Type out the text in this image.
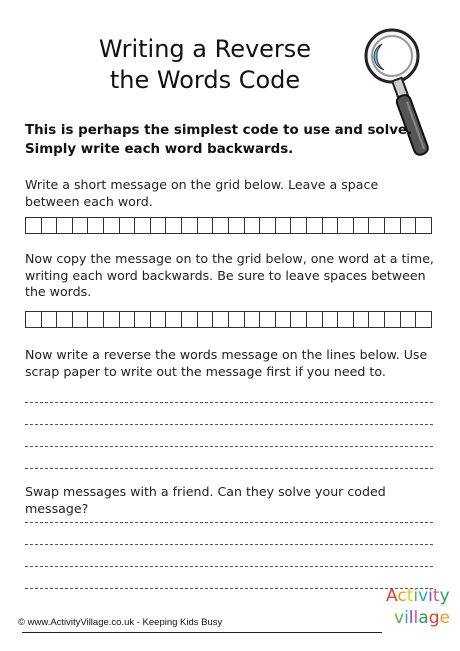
Writing a Reverse
the Words Code
This is perhaps the simplest code to use and solve.
Simply write each word backwards.
Write a short message on the grid below. Leave a space between each word.
Now copy the message on to the grid below, one word at a time, writing each word backwards. Be sure to leave spaces between the words.
Now write a reverse the words message on the lines below. Use scrap paper to write out the message first if you need to.
Swap messages with a friend. Can they solve your coded message?
© www.ActivityVillage.co.uk - Keeping Kids Busy
Activity
village
